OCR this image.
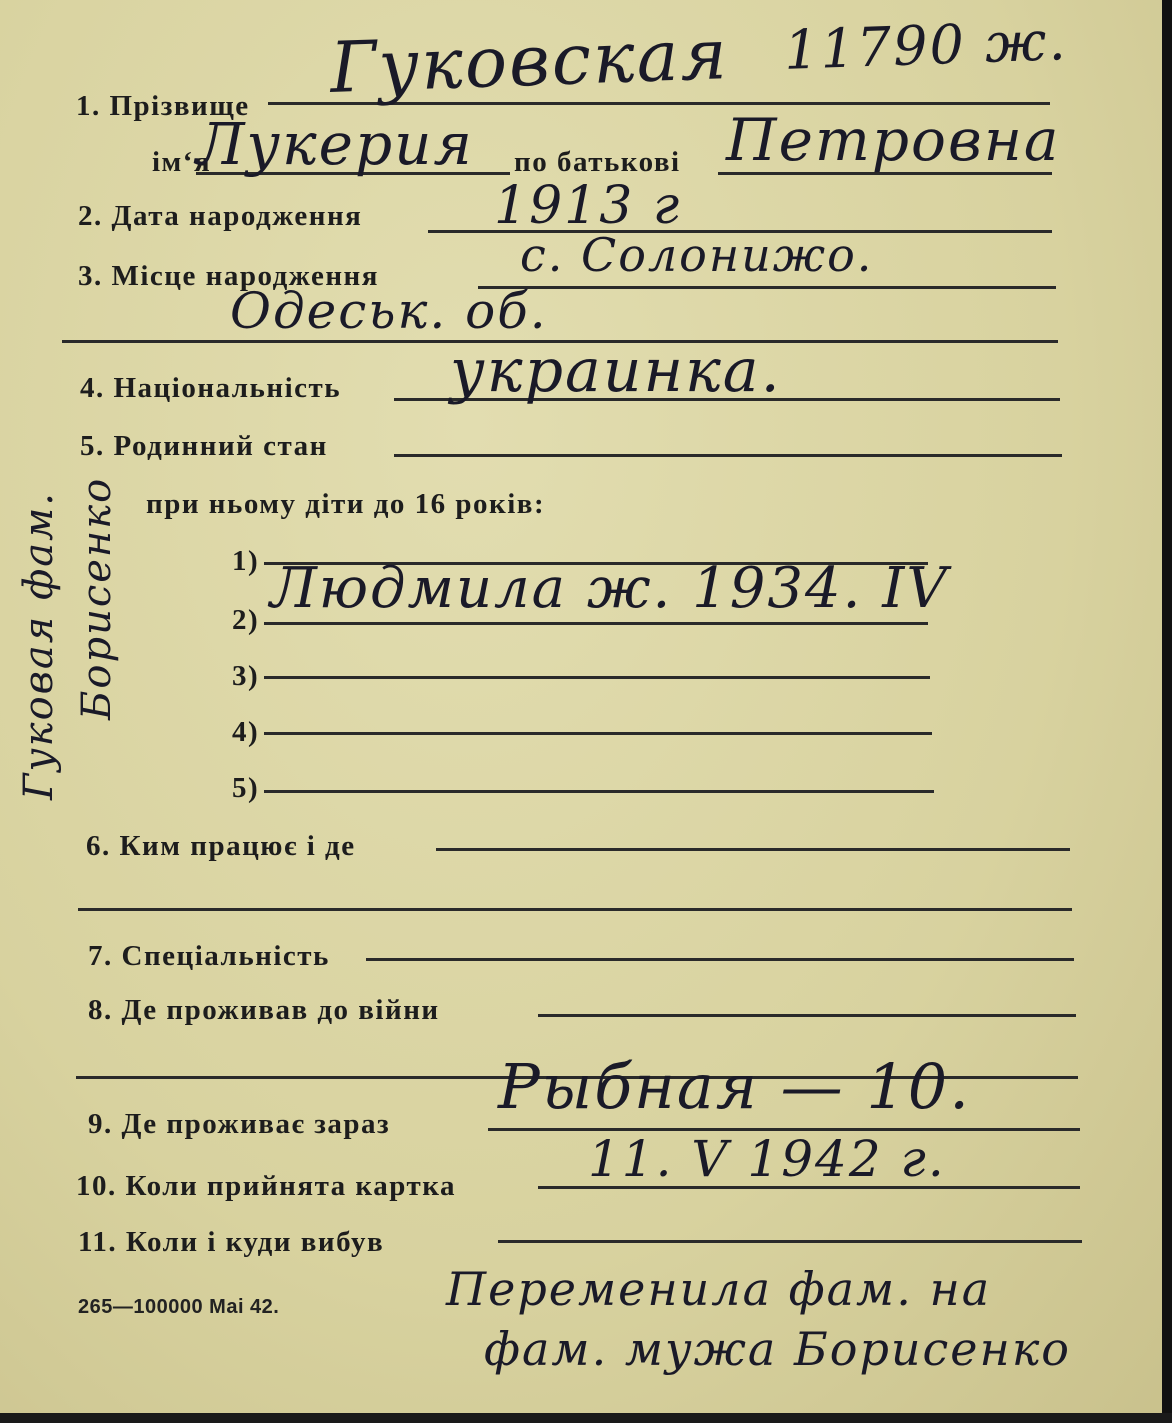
1. Прізвище
ім‘я	по батькові
2. Дата народження
3. Місце народження
4. Національність
5. Родинний стан
при ньому діти до 16 років:
1)
2)
3)
4)
5)
6. Ким працює і де
7. Спеціальність
8. Де проживав до війни
9. Де проживає зараз
10. Коли прийнята картка
11. Коли і куди вибув
265—100000 Mai 42.
Гуковская 11790 ж.
Лукерия	Петровна
1913 г
с. Солонижо.
Одеськ. об.
украинка.
Людмила ж. 1934. IV
Рыбная — 10.
11. V 1942 г.
Переменила фам. на
фам. мужа Борисенко
Гуковая фам. Борисенко
